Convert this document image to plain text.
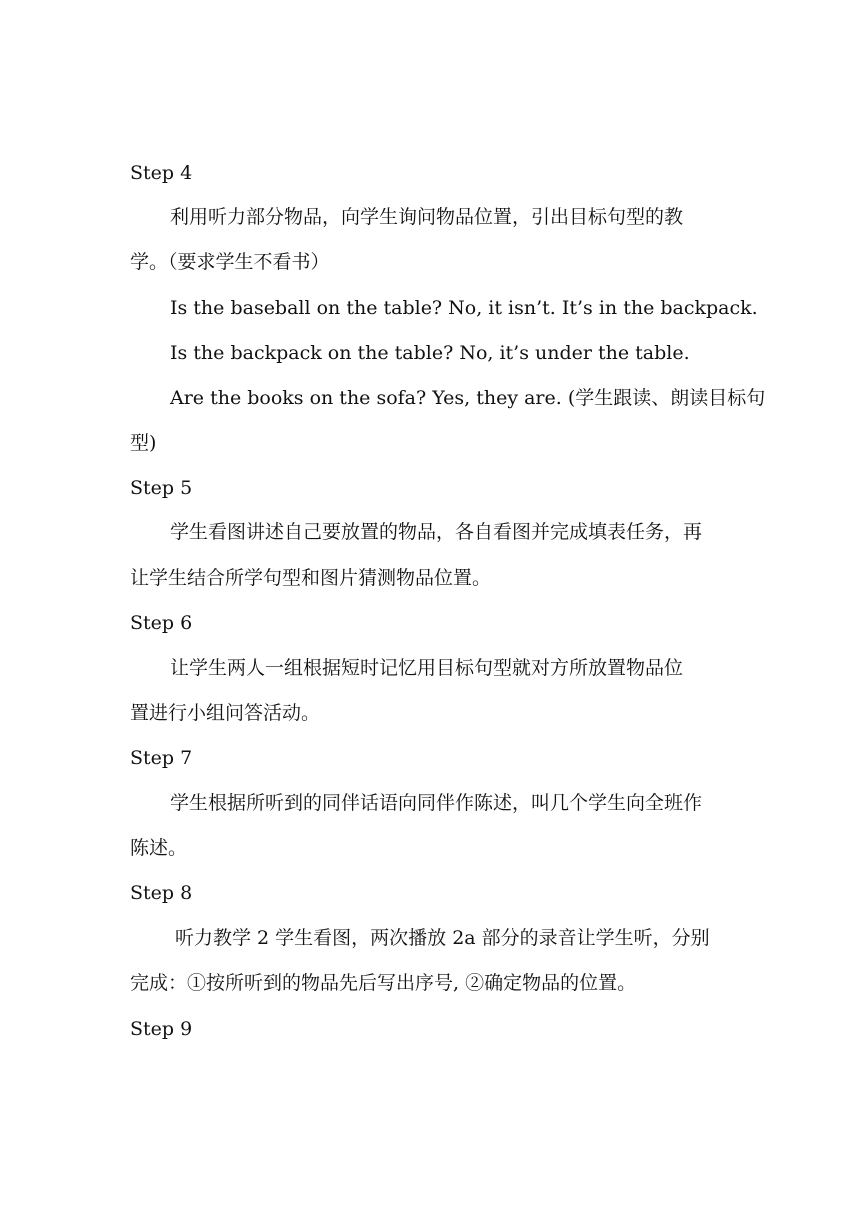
Step 4

利用听力部分物品，向学生询问物品位置，引出目标句型的教

学。（要求学生不看书）

Is the baseball on the table? No, it isn’t. It’s in the backpack.

Is the backpack on the table? No, it’s under the table.

Are the books on the sofa? Yes, they are. (学生跟读、朗读目标句

型)

Step 5

学生看图讲述自己要放置的物品，各自看图并完成填表任务，再

让学生结合所学句型和图片猜测物品位置。

Step 6

让学生两人一组根据短时记忆用目标句型就对方所放置物品位

置进行小组问答活动。

Step 7

学生根据所听到的同伴话语向同伴作陈述，叫几个学生向全班作

陈述。

Step 8

听力教学 2 学生看图，两次播放 2a 部分的录音让学生听，分别

完成：①按所听到的物品先后写出序号, ②确定物品的位置。

Step 9
